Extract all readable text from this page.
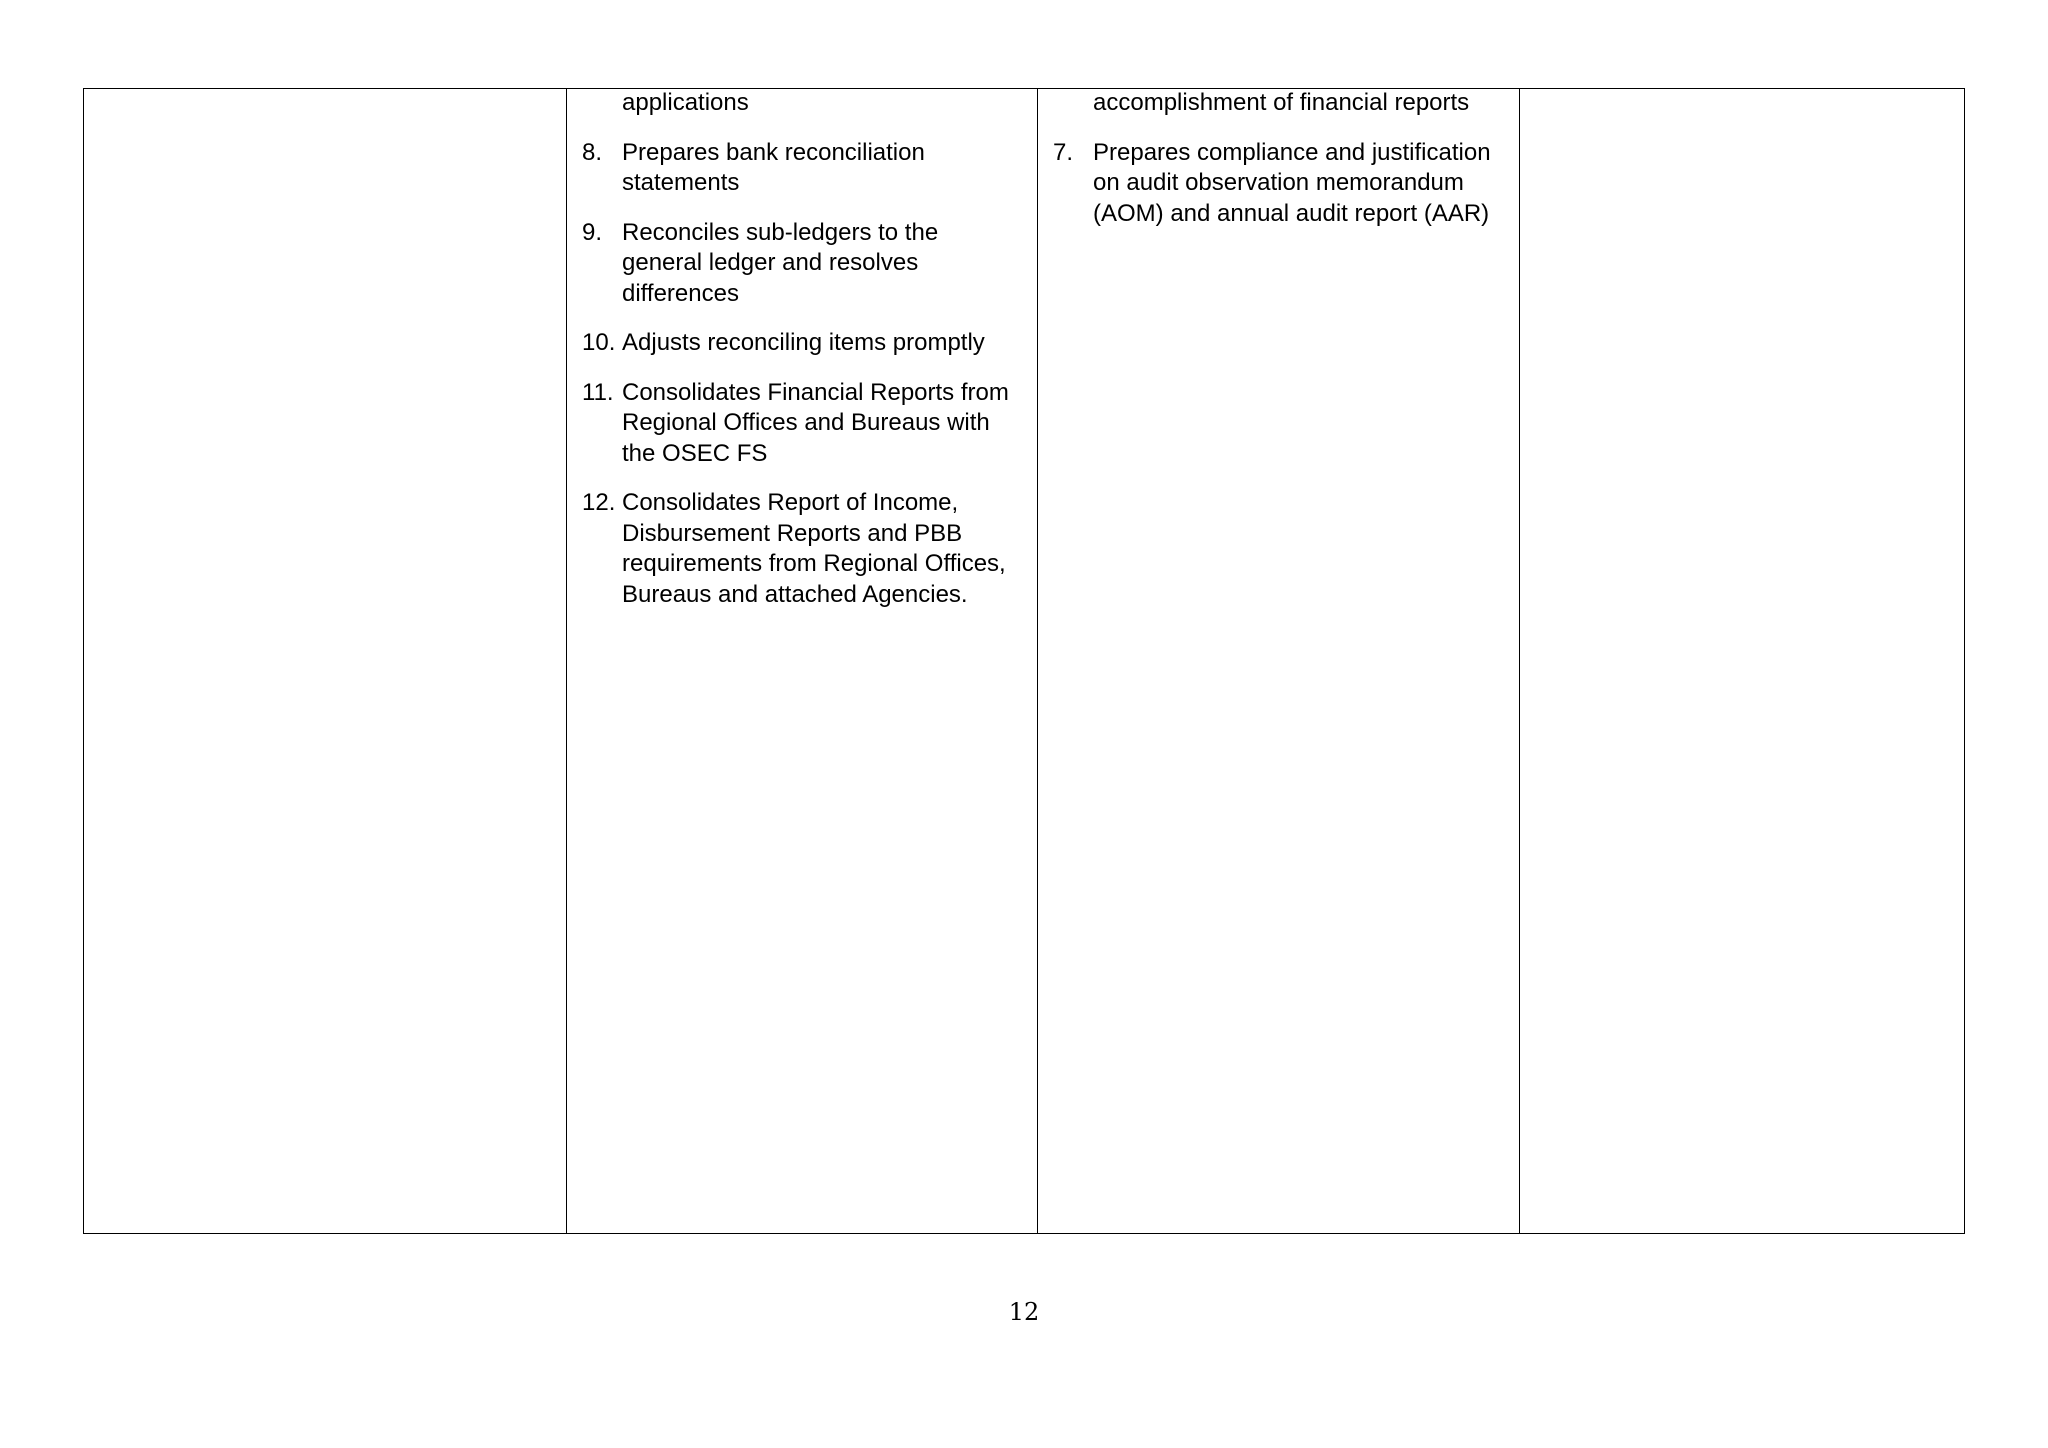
applications

8. Prepares bank reconciliation
statements

9. Reconciles sub-ledgers to the
general ledger and resolves
differences

10. Adjusts reconciling items promptly

11. Consolidates Financial Reports from
Regional Offices and Bureaus with
the OSEC FS

12. Consolidates Report of Income,
Disbursement Reports and PBB
requirements from Regional Offices,
Bureaus and attached Agencies.

accomplishment of financial reports

7. Prepares compliance and justification
on audit observation memorandum
(AOM) and annual audit report (AAR)

12
